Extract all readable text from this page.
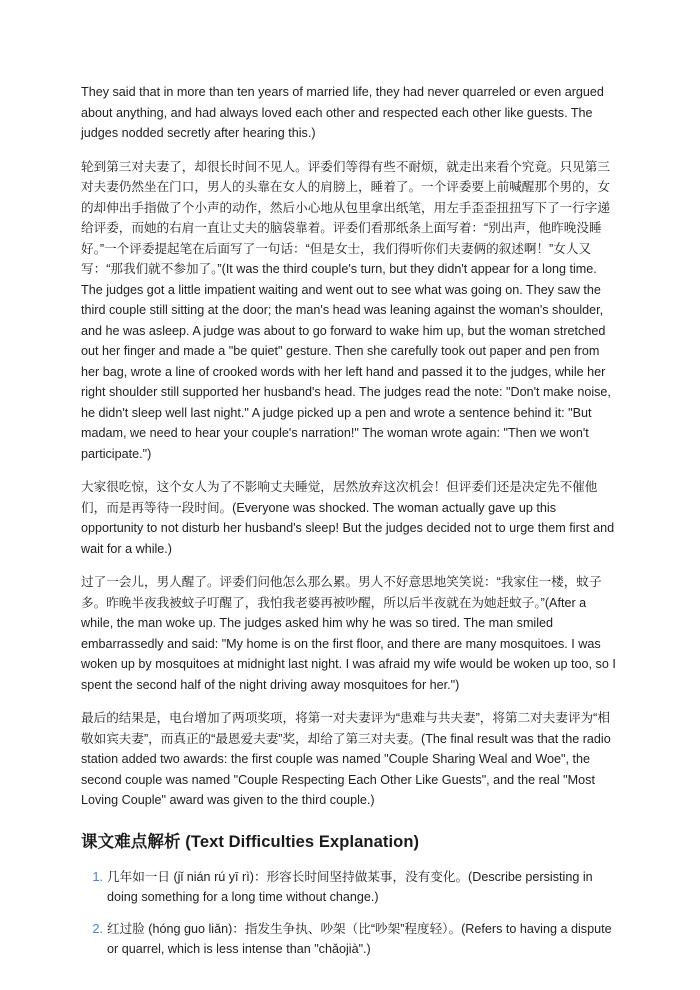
They said that in more than ten years of married life, they had never quarreled or even argued about anything, and had always loved each other and respected each other like guests. The judges nodded secretly after hearing this.)

轮到第三对夫妻了，却很长时间不见人。评委们等得有些不耐烦，就走出来看个究竟。只见第三对夫妻仍然坐在门口，男人的头靠在女人的肩膀上，睡着了。一个评委要上前喊醒那个男的，女的却伸出手指做了个小声的动作，然后小心地从包里拿出纸笔，用左手歪歪扭扭写下了一行字递给评委，而她的右肩一直让丈夫的脑袋靠着。评委们看那纸条上面写着：“别出声，他昨晚没睡好。”一个评委提起笔在后面写了一句话：“但是女士，我们得听你们夫妻俩的叙述啊！”女人又写：“那我们就不参加了。”(It was the third couple's turn, but they didn't appear for a long time. The judges got a little impatient waiting and went out to see what was going on. They saw the third couple still sitting at the door; the man's head was leaning against the woman's shoulder, and he was asleep. A judge was about to go forward to wake him up, but the woman stretched out her finger and made a "be quiet" gesture. Then she carefully took out paper and pen from her bag, wrote a line of crooked words with her left hand and passed it to the judges, while her right shoulder still supported her husband's head. The judges read the note: "Don't make noise, he didn't sleep well last night." A judge picked up a pen and wrote a sentence behind it: "But madam, we need to hear your couple's narration!" The woman wrote again: "Then we won't participate.")

大家很吃惊，这个女人为了不影响丈夫睡觉，居然放弃这次机会！但评委们还是决定先不催他们，而是再等待一段时间。(Everyone was shocked. The woman actually gave up this opportunity to not disturb her husband's sleep! But the judges decided not to urge them first and wait for a while.)

过了一会儿，男人醒了。评委们问他怎么那么累。男人不好意思地笑笑说：“我家住一楼，蚊子多。昨晚半夜我被蚊子叮醒了，我怕我老婆再被吵醒，所以后半夜就在为她赶蚊子。”(After a while, the man woke up. The judges asked him why he was so tired. The man smiled embarrassedly and said: "My home is on the first floor, and there are many mosquitoes. I was woken up by mosquitoes at midnight last night. I was afraid my wife would be woken up too, so I spent the second half of the night driving away mosquitoes for her.")

最后的结果是，电台增加了两项奖项，将第一对夫妻评为“患难与共夫妻”，将第二对夫妻评为“相敬如宾夫妻”，而真正的“最恩爱夫妻”奖，却给了第三对夫妻。(The final result was that the radio station added two awards: the first couple was named "Couple Sharing Weal and Woe", the second couple was named "Couple Respecting Each Other Like Guests", and the real "Most Loving Couple" award was given to the third couple.)

课文难点解析 (Text Difficulties Explanation)
几年如一日 (jǐ nián rú yī rì)：形容长时间坚持做某事，没有变化。(Describe persisting in doing something for a long time without change.)
红过脸 (hóng guo liǎn)：指发生争执、吵架（比“吵架”程度轻）。(Refers to having a dispute or quarrel, which is less intense than "chǎojià".)
